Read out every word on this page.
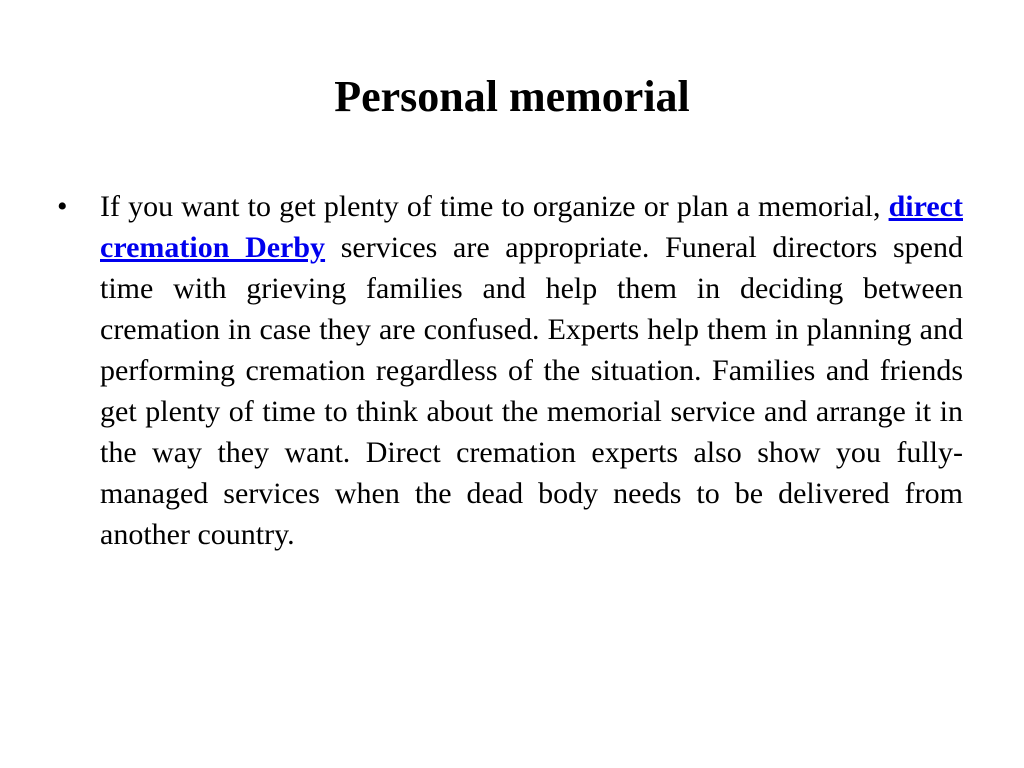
Personal memorial
• If you want to get plenty of time to organize or plan a memorial, direct cremation Derby services are appropriate. Funeral directors spend time with grieving families and help them in deciding between cremation in case they are confused. Experts help them in planning and performing cremation regardless of the situation. Families and friends get plenty of time to think about the memorial service and arrange it in the way they want. Direct cremation experts also show you fully-managed services when the dead body needs to be delivered from another country.
